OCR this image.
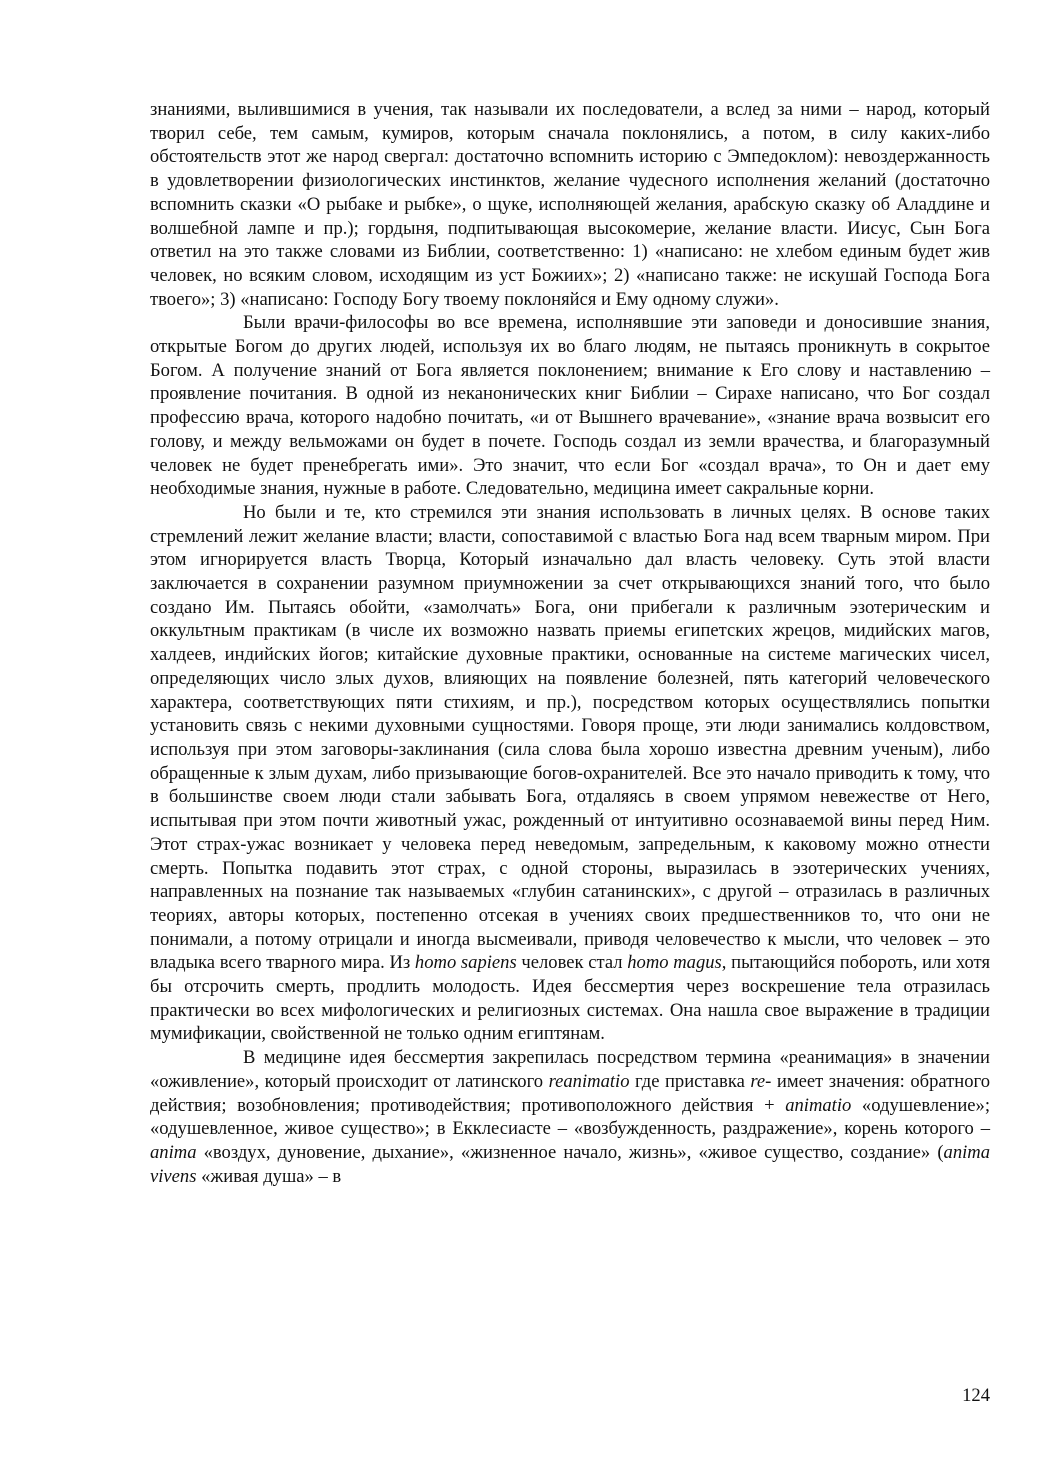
знаниями, вылившимися в учения, так называли их последователи, а вслед за ними – народ, который творил себе, тем самым, кумиров, которым сначала поклонялись, а потом, в силу каких-либо обстоятельств этот же народ свергал: достаточно вспомнить историю с Эмпедоклом): невоздержанность в удовлетворении физиологических инстинктов, желание чудесного исполнения желаний (достаточно вспомнить сказки «О рыбаке и рыбке», о щуке, исполняющей желания, арабскую сказку об Аладдине и волшебной лампе и пр.); гордыня, подпитывающая высокомерие, желание власти. Иисус, Сын Бога ответил на это также словами из Библии, соответственно: 1) «написано: не хлебом единым будет жив человек, но всяким словом, исходящим из уст Божиих»; 2) «написано также: не искушай Господа Бога твоего»; 3) «написано: Господу Богу твоему поклоняйся и Ему одному служи».

Были врачи-философы во все времена, исполнявшие эти заповеди и доносившие знания, открытые Богом до других людей, используя их во благо людям, не пытаясь проникнуть в сокрытое Богом. А получение знаний от Бога является поклонением; внимание к Его слову и наставлению – проявление почитания. В одной из неканонических книг Библии – Сирахе написано, что Бог создал профессию врача, которого надобно почитать, «и от Вышнего врачевание», «знание врача возвысит его голову, и между вельможами он будет в почете. Господь создал из земли врачества, и благоразумный человек не будет пренебрегать ими». Это значит, что если Бог «создал врача», то Он и дает ему необходимые знания, нужные в работе. Следовательно, медицина имеет сакральные корни.

Но были и те, кто стремился эти знания использовать в личных целях. В основе таких стремлений лежит желание власти; власти, сопоставимой с властью Бога над всем тварным миром. При этом игнорируется власть Творца, Который изначально дал власть человеку. Суть этой власти заключается в сохранении разумном приумножении за счет открывающихся знаний того, что было создано Им. Пытаясь обойти, «замолчать» Бога, они прибегали к различным эзотерическим и оккультным практикам (в числе их возможно назвать приемы египетских жрецов, мидийских магов, халдеев, индийских йогов; китайские духовные практики, основанные на системе магических чисел, определяющих число злых духов, влияющих на появление болезней, пять категорий человеческого характера, соответствующих пяти стихиям, и пр.), посредством которых осуществлялись попытки установить связь с некими духовными сущностями. Говоря проще, эти люди занимались колдовством, используя при этом заговоры-заклинания (сила слова была хорошо известна древним ученым), либо обращенные к злым духам, либо призывающие богов-охранителей. Все это начало приводить к тому, что в большинстве своем люди стали забывать Бога, отдаляясь в своем упрямом невежестве от Него, испытывая при этом почти животный ужас, рожденный от интуитивно осознаваемой вины перед Ним. Этот страх-ужас возникает у человека перед неведомым, запредельным, к каковому можно отнести смерть. Попытка подавить этот страх, с одной стороны, выразилась в эзотерических учениях, направленных на познание так называемых «глубин сатанинских», с другой – отразилась в различных теориях, авторы которых, постепенно отсекая в учениях своих предшественников то, что они не понимали, а потому отрицали и иногда высмеивали, приводя человечество к мысли, что человек – это владыка всего тварного мира. Из homo sapiens человек стал homo magus, пытающийся побороть, или хотя бы отсрочить смерть, продлить молодость. Идея бессмертия через воскрешение тела отразилась практически во всех мифологических и религиозных системах. Она нашла свое выражение в традиции мумификации, свойственной не только одним египтянам.

В медицине идея бессмертия закрепилась посредством термина «реанимация» в значении «оживление», который происходит от латинского reanimatio где приставка re- имеет значения: обратного действия; возобновления; противодействия; противоположного действия + animatio «одушевление»; «одушевленное, живое существо»; в Екклесиасте – «возбужденность, раздражение», корень которого – anima «воздух, дуновение, дыхание», «жизненное начало, жизнь», «живое существо, создание» (anima vivens «живая душа» – в

124
